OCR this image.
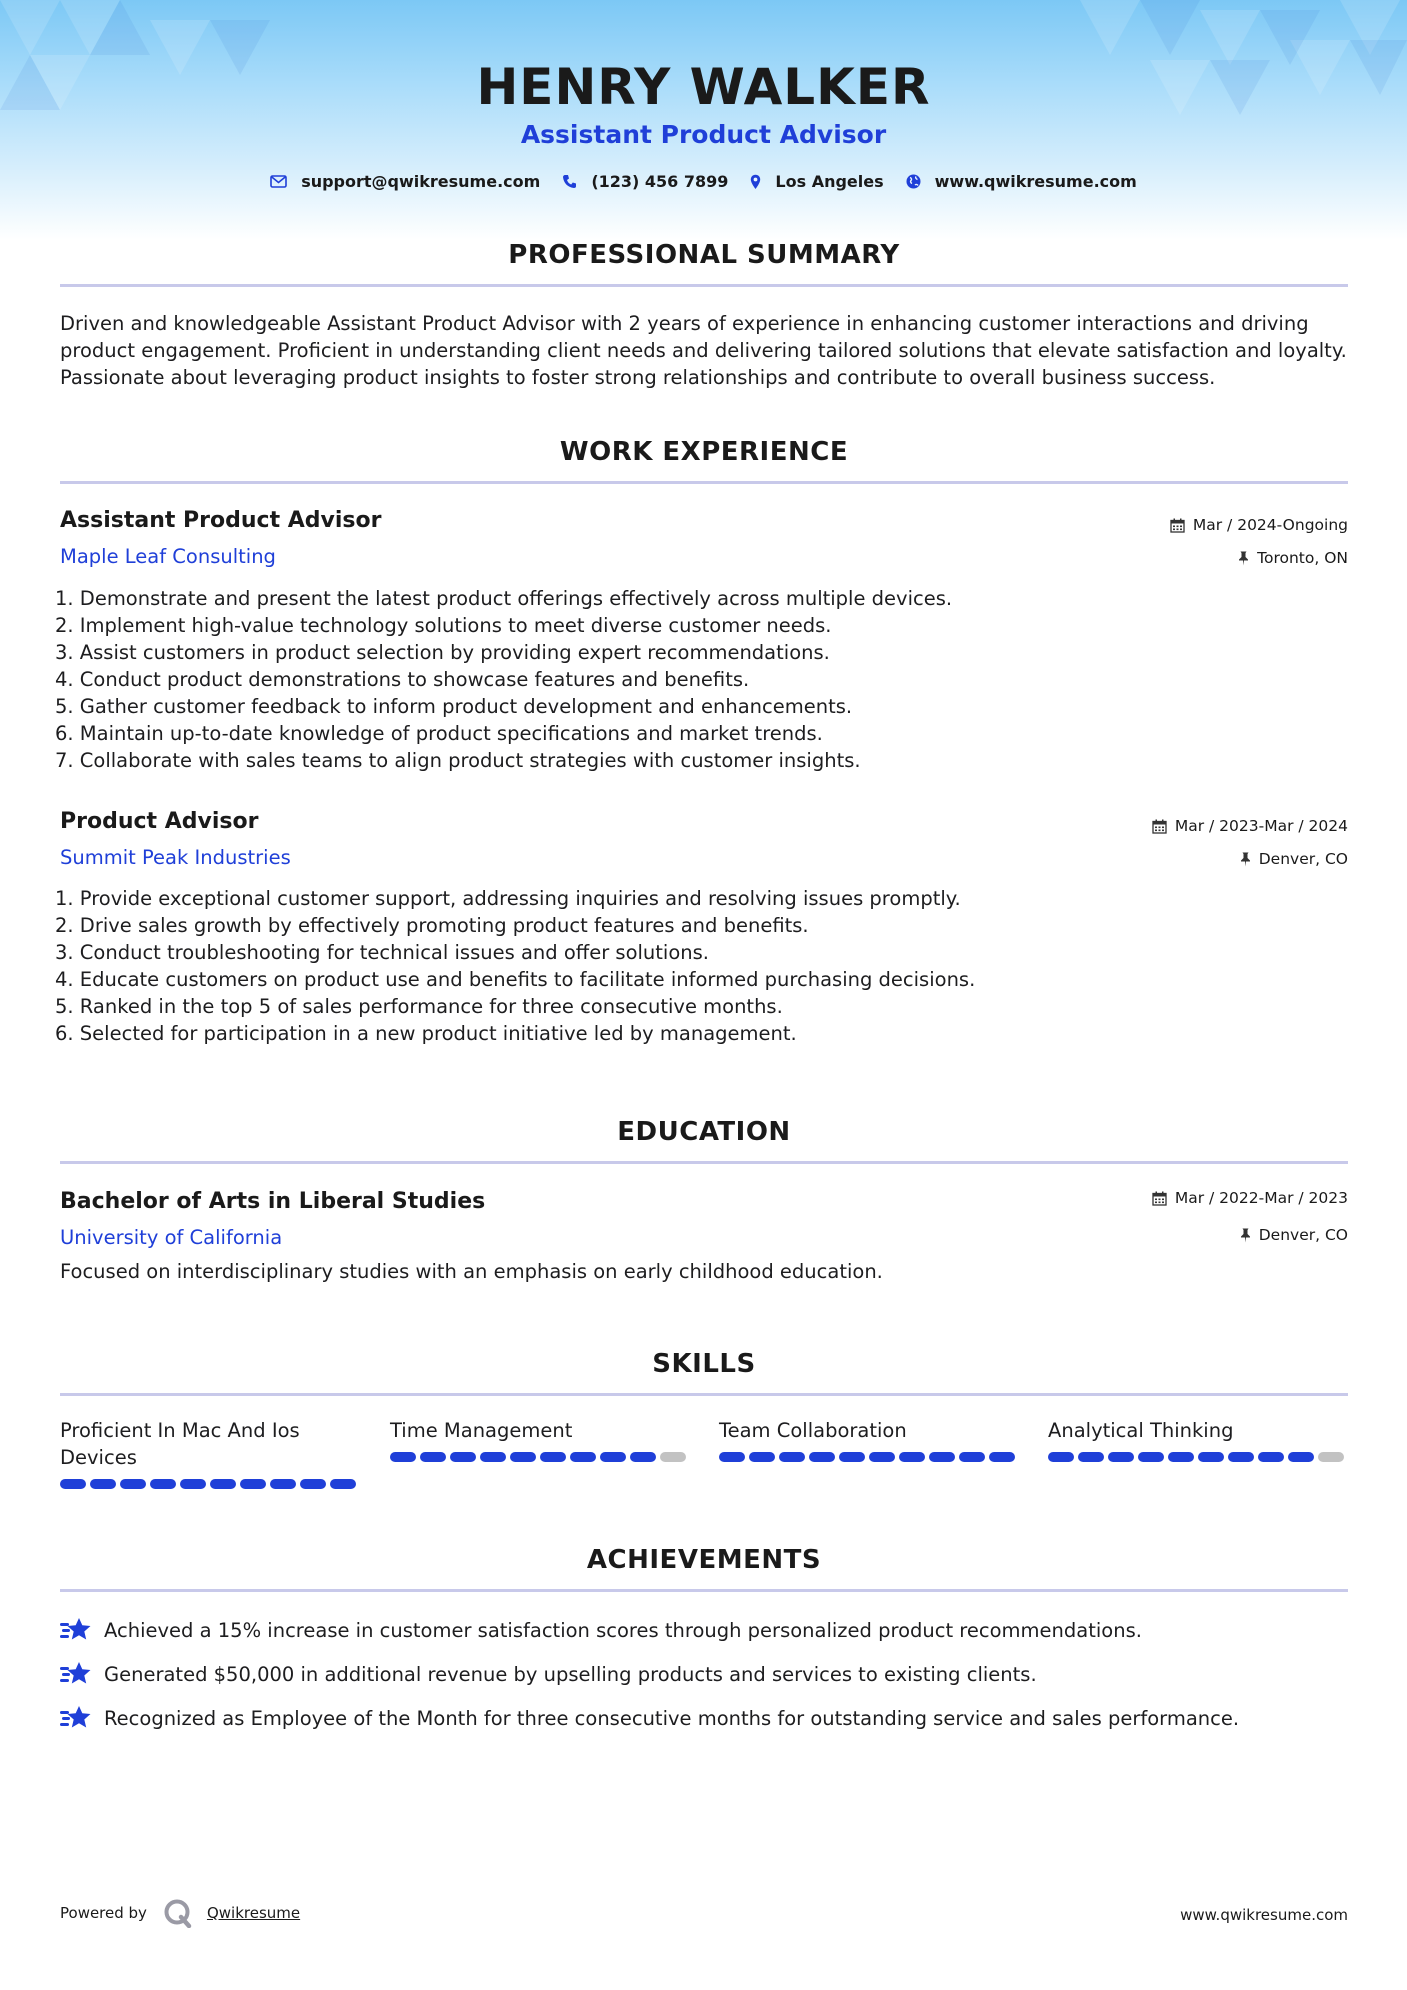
HENRY WALKER
Assistant Product Advisor
support@qwikresume.com	(123) 456 7899	Los Angeles	www.qwikresume.com
PROFESSIONAL SUMMARY
Driven and knowledgeable Assistant Product Advisor with 2 years of experience in enhancing customer interactions and driving product engagement. Proficient in understanding client needs and delivering tailored solutions that elevate satisfaction and loyalty. Passionate about leveraging product insights to foster strong relationships and contribute to overall business success.
WORK EXPERIENCE
Assistant Product Advisor
Maple Leaf Consulting
Mar / 2024-Ongoing
Toronto, ON
1. Demonstrate and present the latest product offerings effectively across multiple devices.
2. Implement high-value technology solutions to meet diverse customer needs.
3. Assist customers in product selection by providing expert recommendations.
4. Conduct product demonstrations to showcase features and benefits.
5. Gather customer feedback to inform product development and enhancements.
6. Maintain up-to-date knowledge of product specifications and market trends.
7. Collaborate with sales teams to align product strategies with customer insights.
Product Advisor
Summit Peak Industries
Mar / 2023-Mar / 2024
Denver, CO
1. Provide exceptional customer support, addressing inquiries and resolving issues promptly.
2. Drive sales growth by effectively promoting product features and benefits.
3. Conduct troubleshooting for technical issues and offer solutions.
4. Educate customers on product use and benefits to facilitate informed purchasing decisions.
5. Ranked in the top 5 of sales performance for three consecutive months.
6. Selected for participation in a new product initiative led by management.
EDUCATION
Bachelor of Arts in Liberal Studies
University of California
Mar / 2022-Mar / 2023
Denver, CO
Focused on interdisciplinary studies with an emphasis on early childhood education.
SKILLS
Proficient In Mac And Ios Devices
Time Management	Team Collaboration	Analytical Thinking
ACHIEVEMENTS
Achieved a 15% increase in customer satisfaction scores through personalized product recommendations.
Generated $50,000 in additional revenue by upselling products and services to existing clients.
Recognized as Employee of the Month for three consecutive months for outstanding service and sales performance.
Powered by	Qwikresume	www.qwikresume.com
